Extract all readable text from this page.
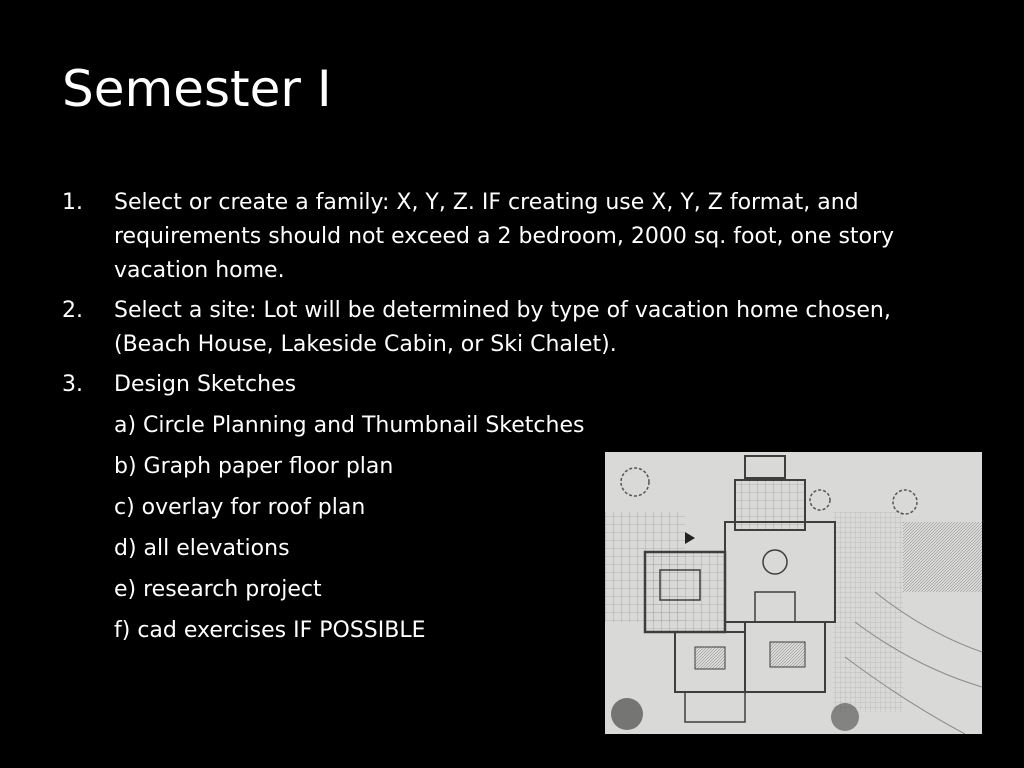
Semester I
1. Select or create a family: X, Y, Z. IF creating use X, Y, Z format, and requirements should not exceed a 2 bedroom, 2000 sq. foot, one story vacation home.
2. Select a site: Lot will be determined by type of vacation home chosen, (Beach House, Lakeside Cabin, or Ski Chalet).
3. Design Sketches
a) Circle Planning and Thumbnail Sketches
b) Graph paper floor plan
c) overlay for roof plan
d) all elevations
e) research project
f) cad exercises IF POSSIBLE
